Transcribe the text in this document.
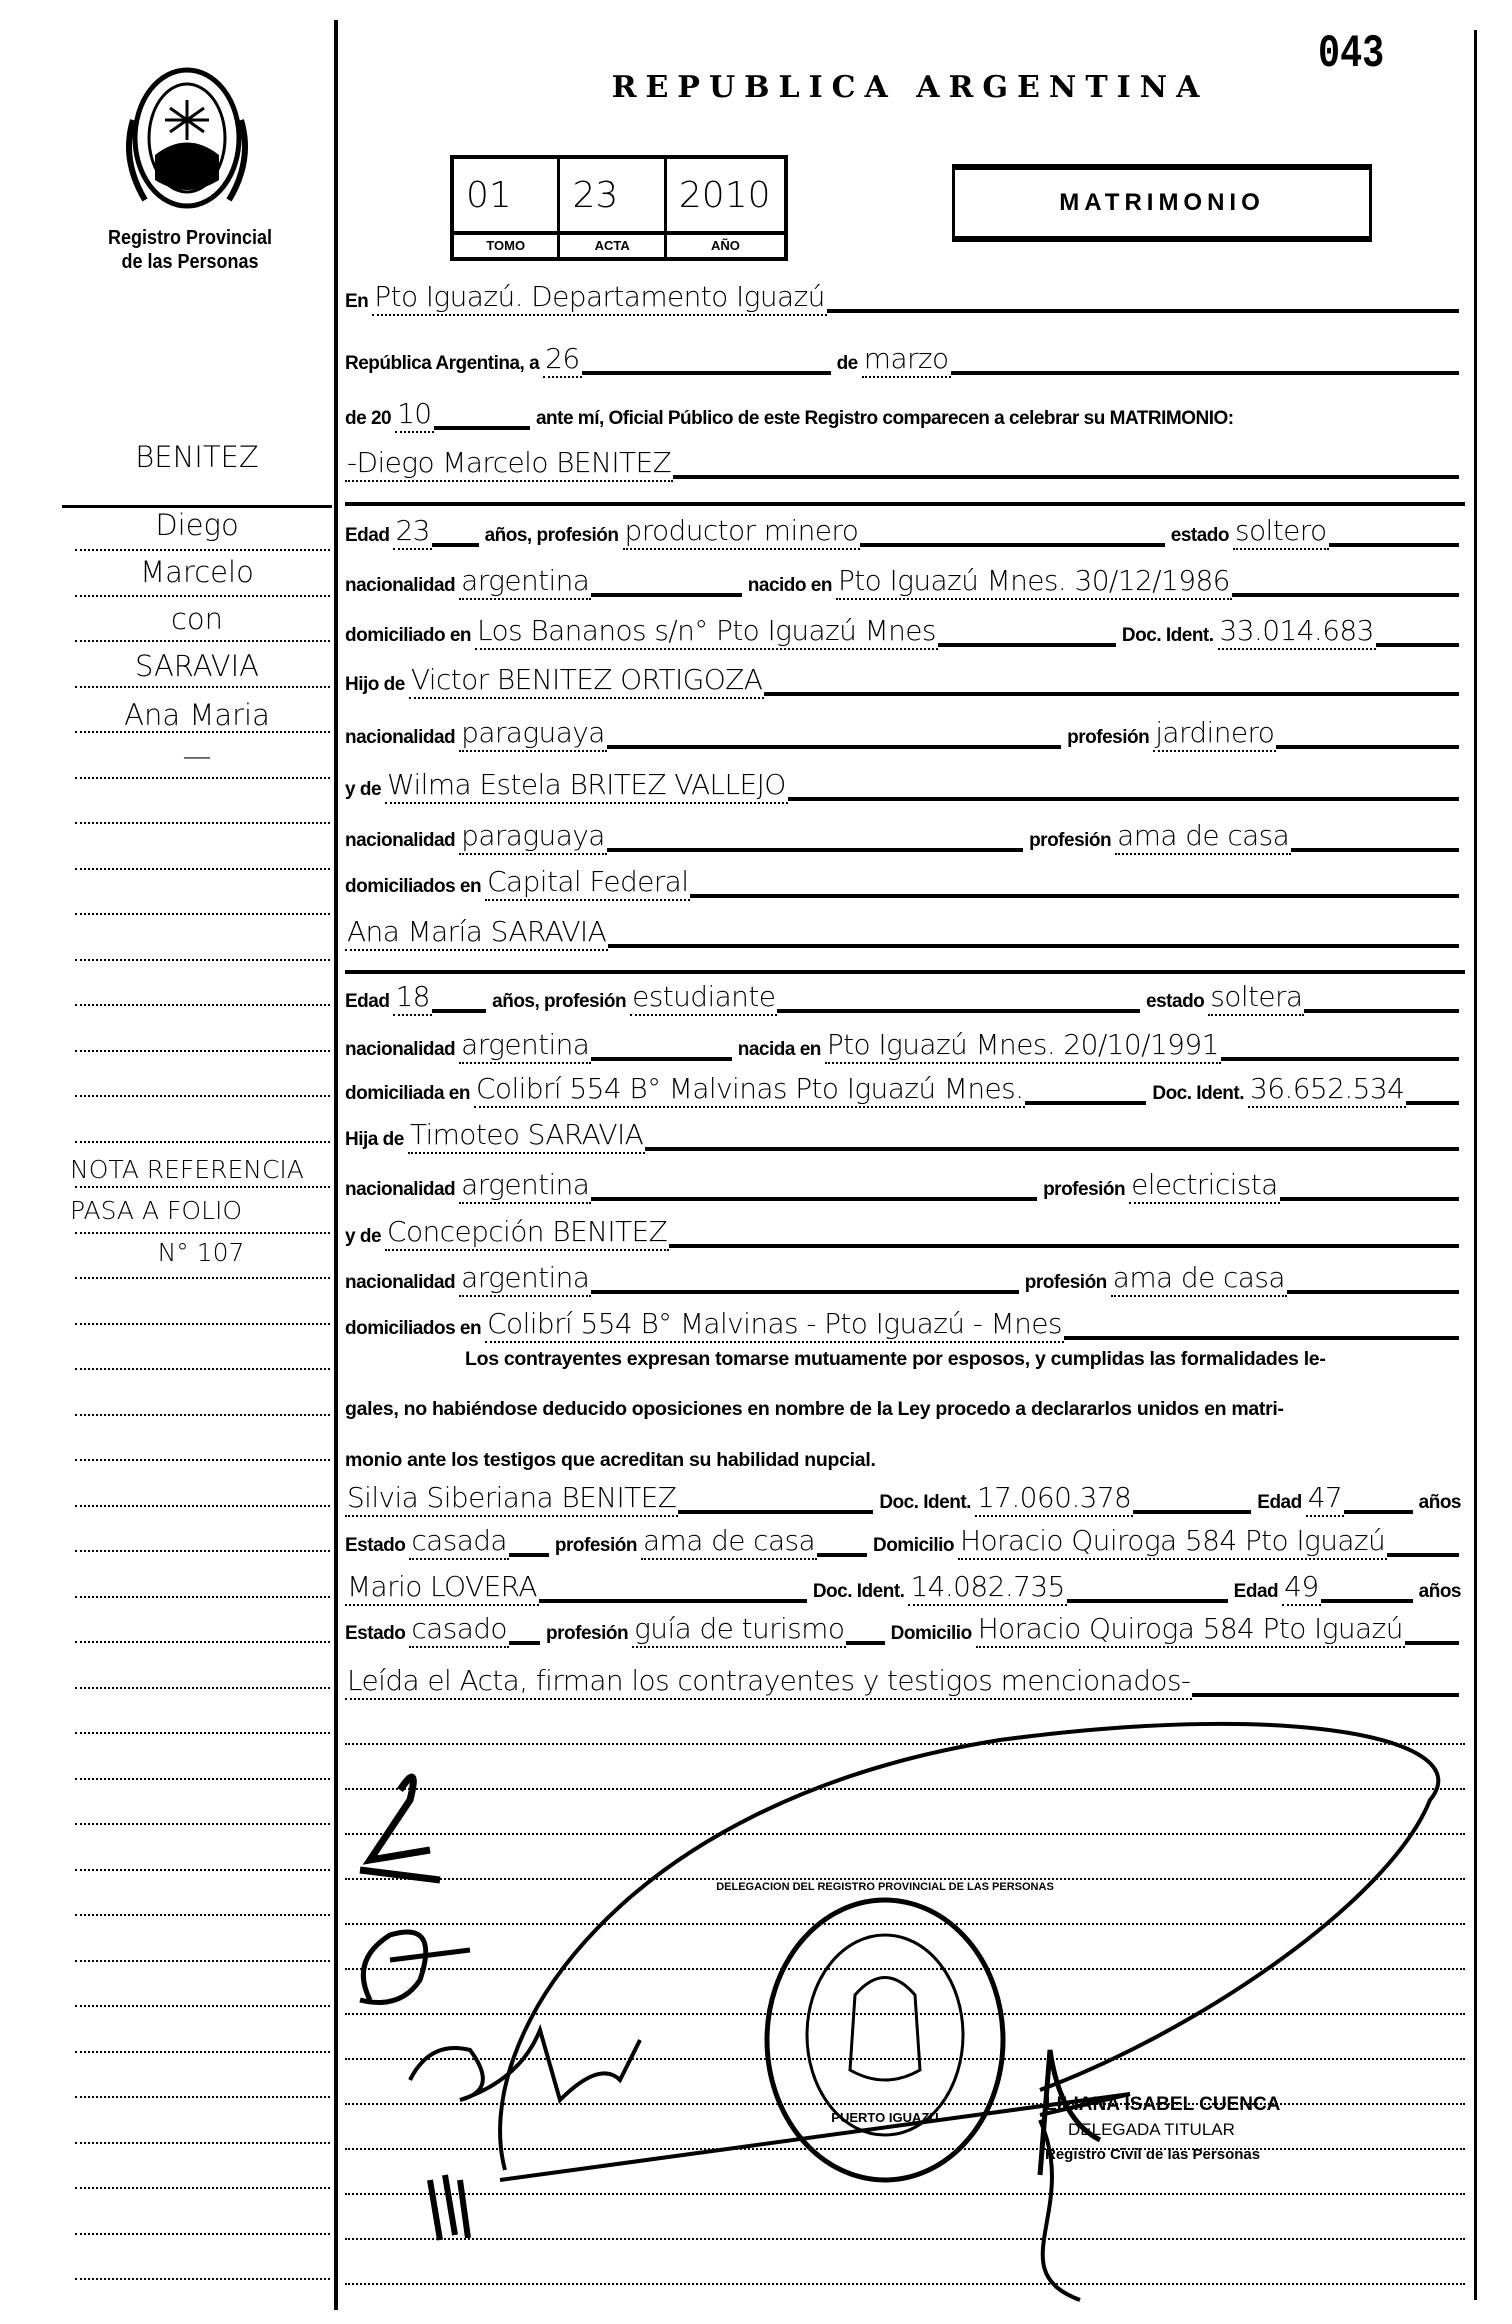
043
REPUBLICA ARGENTINA
Registro Provincial
de las Personas
01	23	2010
TOMO	ACTA	AÑO
MATRIMONIO
En Pto Iguazú. Departamento Iguazú
República Argentina, a 26	de marzo
de 20 10	ante mí, Oficial Público de este Registro comparecen a celebrar su MATRIMONIO:
-Diego Marcelo BENITEZ
Edad 23	años, profesión productor minero	estado soltero
nacionalidad argentina	nacido en Pto Iguazú Mnes. 30/12/1986
domiciliado en Los Bananos s/n° Pto Iguazú Mnes	Doc. Ident. 33.014.683
Hijo de Victor BENITEZ ORTIGOZA
nacionalidad paraguaya	profesión jardinero
y de Wilma Estela BRITEZ VALLEJO
nacionalidad paraguaya	profesión ama de casa
domiciliados en Capital Federal
Ana María SARAVIA
Edad 18	años, profesión estudiante	estado soltera
nacionalidad argentina	nacida en Pto Iguazú Mnes. 20/10/1991
domiciliada en Colibrí 554 B° Malvinas Pto Iguazú Mnes.	Doc. Ident. 36.652.534
Hija de Timoteo SARAVIA
nacionalidad argentina	profesión electricista
y de Concepción BENITEZ
nacionalidad argentina	profesión ama de casa
domiciliados en Colibrí 554 B° Malvinas - Pto Iguazú - Mnes
Silvia Siberiana BENITEZ	Doc. Ident. 17.060.378	Edad 47	años
Estado casada	profesión ama de casa	Domicilio Horacio Quiroga 584 Pto Iguazú
Mario LOVERA	Doc. Ident. 14.082.735	Edad 49	años
Estado casado profesión guía de turismo Domicilio Horacio Quiroga 584 Pto Iguazú
Leída el Acta, firman los contrayentes y testigos mencionados-
Los contrayentes expresan tomarse mutuamente por esposos, y cumplidas las formalidades le-
gales, no habiéndose deducido oposiciones en nombre de la Ley procedo a declararlos unidos en matri-
monio ante los testigos que acreditan su habilidad nupcial.
BENITEZ
Diego
Marcelo
con
SARAVIA
Ana Maria
—
NOTA REFERENCIA
PASA A FOLIO
N° 107
LILIANA ISABEL CUENCA
DELEGADA TITULAR
Registro Civil de las Personas
DELEGACION DEL REGISTRO PROVINCIAL DE LAS PERSONAS
PUERTO IGUAZU
